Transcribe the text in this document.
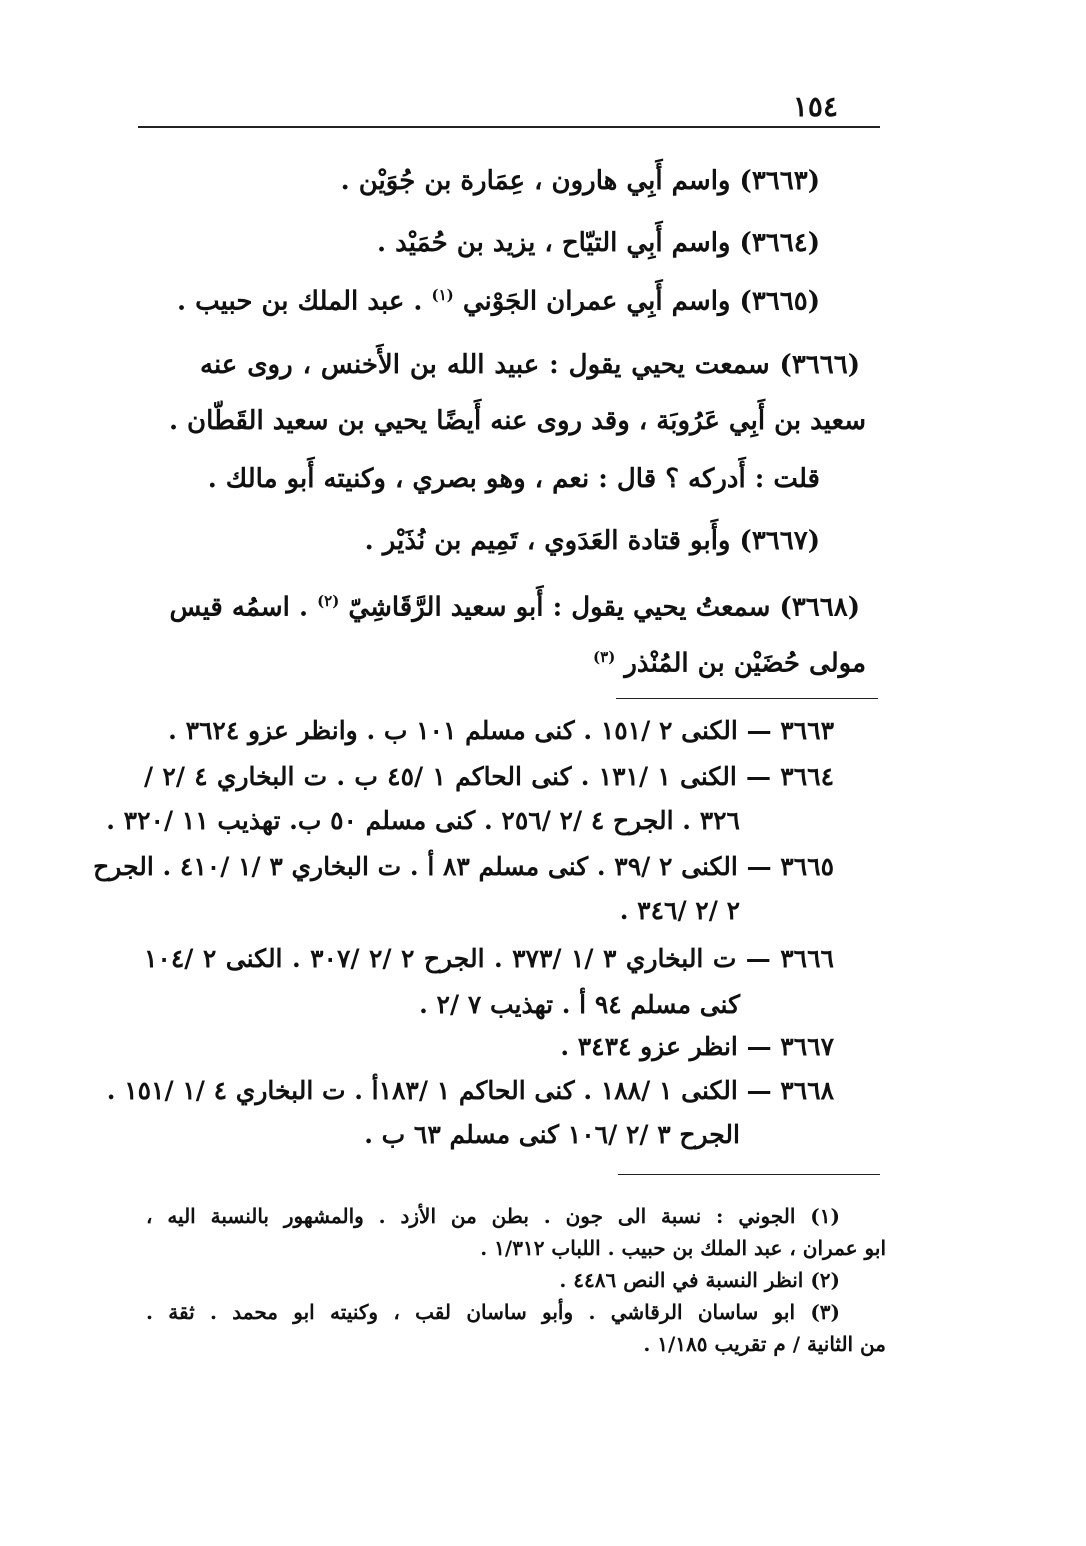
١٥٤
(٣٦٦٣) واسم أَبِي هارون ، عِمَارة بن جُوَيْن .
(٣٦٦٤) واسم أَبِي التيّاح ، يزيد بن حُمَيْد .
(٣٦٦٥) واسم أَبِي عمران الجَوْني $^{(١)}$ . عبد الملك بن حبيب .
(٣٦٦٦) سمعت يحيي يقول : عبيد الله بن الأَخنس ، روى عنه
سعيد بن أَبِي عَرُوبَة ، وقد روى عنه أَيضًا يحيي بن سعيد القَطّان .
قلت : أَدركه ؟ قال : نعم ، وهو بصري ، وكنيته أَبو مالك .
(٣٦٦٧) وأَبو قتادة العَدَوي ، تَمِيم بن نُذَيْر .
(٣٦٦٨) سمعتُ يحيي يقول : أَبو سعيد الرَّقَاشِيّ $^{(٢)}$ . اسمُه قيس
مولى حُضَيْن بن المُنْذر $^{(٣)}$
٣٦٦٣ — الكنى ٢ /١٥١ . كنى مسلم ١٠١ ب . وانظر عزو ٣٦٢٤ .
٣٦٦٤ — الكنى ١ /١٣١ . كنى الحاكم ١ /٤٥ ب . ت البخاري ٤ /٢ /
٣٢٦ . الجرح ٤ /٢ /٢٥٦ . كنى مسلم ٥٠ ب. تهذيب ١١ /٣٢٠ .
٣٦٦٥ — الكنى ٢ /٣٩ . كنى مسلم ٨٣ أ . ت البخاري ٣ /١ /٤١٠ . الجرح
٢ /٢ /٣٤٦ .
٣٦٦٦ — ت البخاري ٣ /١ /٣٧٣ . الجرح ٢ /٢ /٣٠٧ . الكنى ٢ /١٠٤
كنى مسلم ٩٤ أ . تهذيب ٧ /٢ .
٣٦٦٧ — انظر عزو ٣٤٣٤ .
٣٦٦٨ — الكنى ١ /١٨٨ . كنى الحاكم ١ /١٨٣أ . ت البخاري ٤ /١ /١٥١ .
الجرح ٣ /٢ /١٠٦ كنى مسلم ٦٣ ب .
(١) الجوني : نسبة الى جون . بطن من الأزد . والمشهور بالنسبة اليه ،
ابو عمران ، عبد الملك بن حبيب . اللباب ١/٣١٢ .
(٢) انظر النسبة في النص ٤٤٨٦ .
(٣) ابو ساسان الرقاشي . وأبو ساسان لقب ، وكنيته ابو محمد . ثقة .
من الثانية / م تقريب ١/١٨٥ .
